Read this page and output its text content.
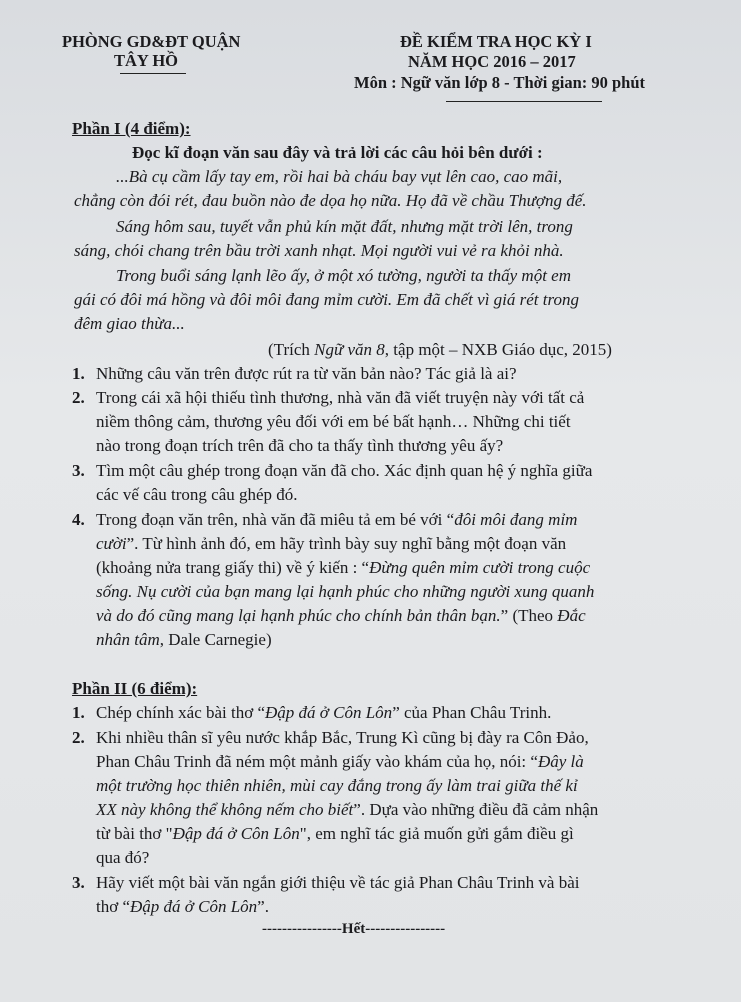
PHÒNG GD&ĐT QUẬN
TÂY HỒ
ĐỀ KIỂM TRA HỌC KỲ I
NĂM HỌC 2016 – 2017
Môn : Ngữ văn lớp 8 - Thời gian: 90 phút
Phần I (4 điểm):
Đọc kĩ đoạn văn sau đây và trả lời các câu hỏi bên dưới :
...Bà cụ cầm lấy tay em, rồi hai bà cháu bay vụt lên cao, cao mãi,
chẳng còn đói rét, đau buồn nào đe dọa họ nữa. Họ đã về chầu Thượng đế.
Sáng hôm sau, tuyết vẫn phủ kín mặt đất, nhưng mặt trời lên, trong
sáng, chói chang trên bầu trời xanh nhạt. Mọi người vui vẻ ra khỏi nhà.
Trong buổi sáng lạnh lẽo ấy, ở một xó tường, người ta thấy một em
gái có đôi má hồng và đôi môi đang mỉm cười. Em đã chết vì giá rét trong
đêm giao thừa...
(Trích Ngữ văn 8, tập một – NXB Giáo dục, 2015)
1. Những câu văn trên được rút ra từ văn bản nào? Tác giả là ai?
2. Trong cái xã hội thiếu tình thương, nhà văn đã viết truyện này với tất cả
niềm thông cảm, thương yêu đối với em bé bất hạnh… Những chi tiết
nào trong đoạn trích trên đã cho ta thấy tình thương yêu ấy?
3. Tìm một câu ghép trong đoạn văn đã cho. Xác định quan hệ ý nghĩa giữa
các vế câu trong câu ghép đó.
4. Trong đoạn văn trên, nhà văn đã miêu tả em bé với “đôi môi đang mỉm
cười”. Từ hình ảnh đó, em hãy trình bày suy nghĩ bằng một đoạn văn
(khoảng nửa trang giấy thi) về ý kiến : “Đừng quên mỉm cười trong cuộc
sống. Nụ cười của bạn mang lại hạnh phúc cho những người xung quanh
và do đó cũng mang lại hạnh phúc cho chính bản thân bạn.” (Theo Đắc
nhân tâm, Dale Carnegie)
Phần II (6 điểm):
1. Chép chính xác bài thơ “Đập đá ở Côn Lôn” của Phan Châu Trinh.
2. Khi nhiều thân sĩ yêu nước khắp Bắc, Trung Kì cũng bị đày ra Côn Đảo,
Phan Châu Trinh đã ném một mảnh giấy vào khám của họ, nói: “Đây là
một trường học thiên nhiên, mùi cay đắng trong ấy làm trai giữa thế kỉ
XX này không thể không nếm cho biết”. Dựa vào những điều đã cảm nhận
từ bài thơ "Đập đá ở Côn Lôn", em nghĩ tác giả muốn gửi gắm điều gì
qua đó?
3. Hãy viết một bài văn ngắn giới thiệu về tác giả Phan Châu Trinh và bài
thơ “Đập đá ở Côn Lôn”.
----------------Hết----------------
